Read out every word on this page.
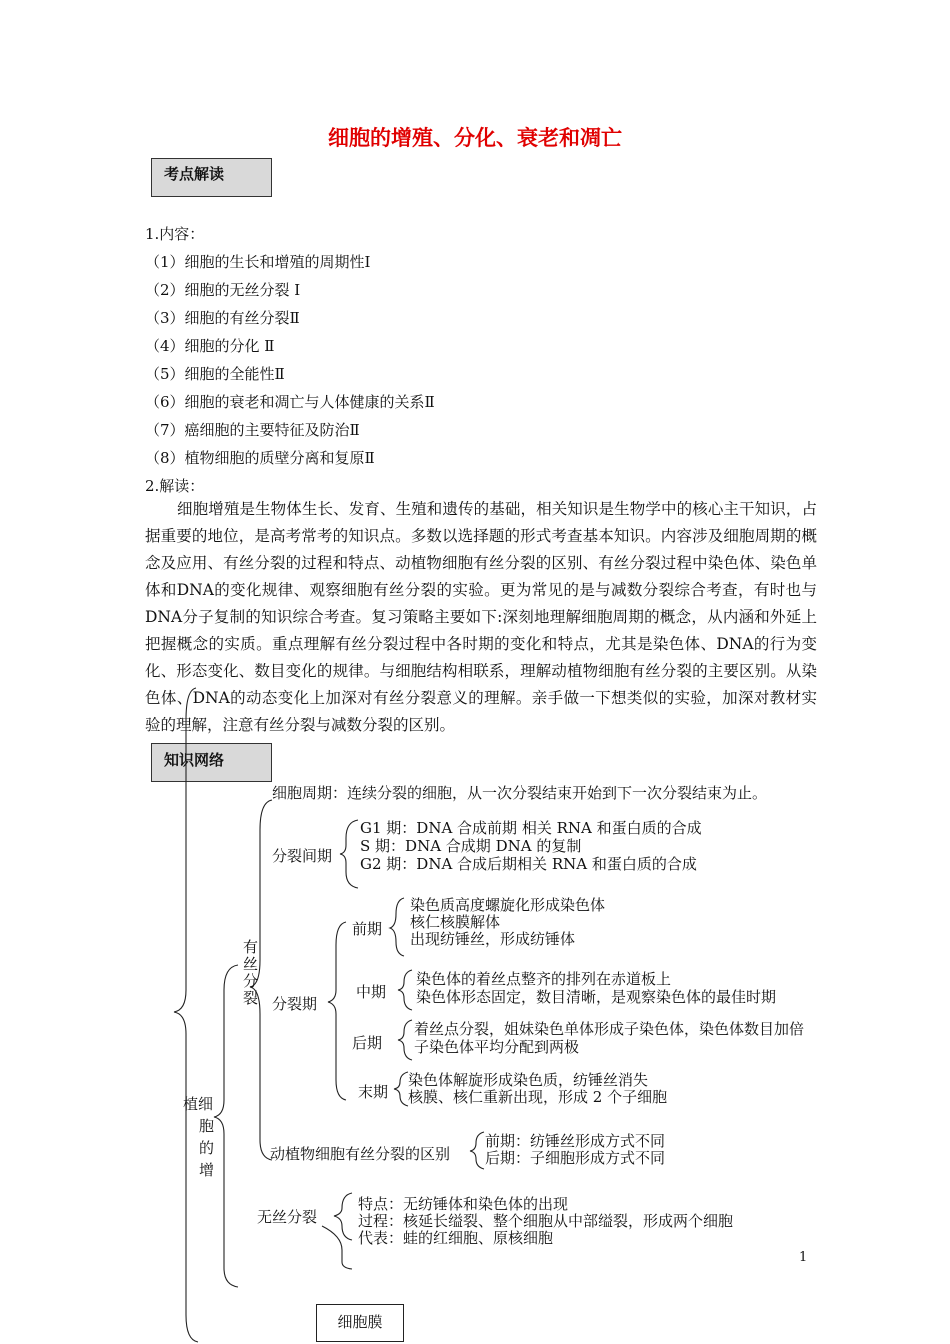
细胞的增殖、分化、衰老和凋亡
考点解读
1.内容：
（1）细胞的生长和增殖的周期性Ⅰ
（2）细胞的无丝分裂 Ⅰ
（3）细胞的有丝分裂Ⅱ
（4）细胞的分化 Ⅱ
（5）细胞的全能性Ⅱ
（6）细胞的衰老和凋亡与人体健康的关系Ⅱ
（7）癌细胞的主要特征及防治Ⅱ
（8）植物细胞的质壁分离和复原Ⅱ
2.解读：
细胞增殖是生物体生长、发育、生殖和遗传的基础，相关知识是生物学中的核心主干知识，占据重要的地位，是高考常考的知识点。多数以选择题的形式考查基本知识。内容涉及细胞周期的概念及应用、有丝分裂的过程和特点、动植物细胞有丝分裂的区别、有丝分裂过程中染色体、染色单体和DNA的变化规律、观察细胞有丝分裂的实验。更为常见的是与减数分裂综合考查，有时也与DNA分子复制的知识综合考查。复习策略主要如下:深刻地理解细胞周期的概念，从内涵和外延上把握概念的实质。重点理解有丝分裂过程中各时期的变化和特点，尤其是染色体、DNA的行为变化、形态变化、数目变化的规律。与细胞结构相联系，理解动植物细胞有丝分裂的主要区别。从染色体、DNA的动态变化上加深对有丝分裂意义的理解。亲手做一下想类似的实验，加深对教材实验的理解，注意有丝分裂与减数分裂的区别。
知识网络
细胞周期：连续分裂的细胞，从一次分裂结束开始到下一次分裂结束为止。
分裂间期
G1 期：DNA 合成前期 相关 RNA 和蛋白质的合成
S 期：DNA 合成期 DNA 的复制
G2 期：DNA 合成后期相关 RNA 和蛋白质的合成
有
丝
分
裂 分裂期
前期
染色质高度螺旋化形成染色体
核仁核膜解体
出现纺锤丝，形成纺锤体
中期
染色体的着丝点整齐的排列在赤道板上
染色体形态固定，数目清晰，是观察染色体的最佳时期
后期
着丝点分裂，姐妹染色单体形成子染色体，染色体数目加倍
子染色体平均分配到两极
末期
染色体解旋形成染色质，纺锤丝消失
核膜、核仁重新出现，形成 2 个子细胞
动植物细胞有丝分裂的区别
前期：纺锤丝形成方式不同
后期：子细胞形成方式不同
无丝分裂
特点：无纺锤体和染色体的出现
过程：核延长缢裂、整个细胞从中部缢裂，形成两个细胞
代表：蛙的红细胞、原核细胞
植细
胞
的
增
1
细胞膜
